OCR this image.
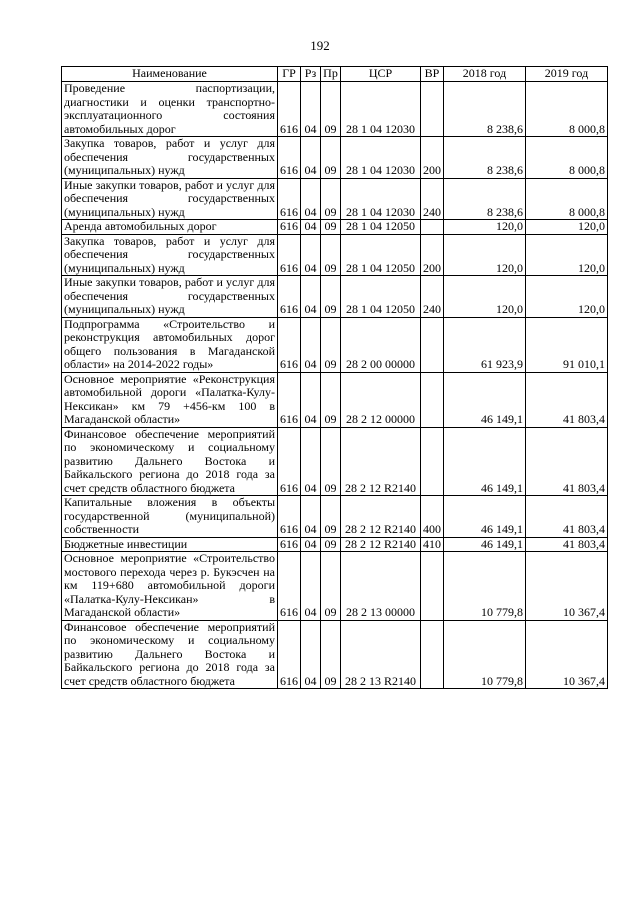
192
Наименование	ГР	Рз	Пр	ЦСР	ВР	2018 год	2019 год
Проведение паспортизации, диагностики и оценки транспортно-эксплуатационного состояния автомобильных дорог	616	04	09	28 1 04 12030		8 238,6	8 000,8
Закупка товаров, работ и услуг для обеспечения государственных (муниципальных) нужд	616	04	09	28 1 04 12030	200	8 238,6	8 000,8
Иные закупки товаров, работ и услуг для обеспечения государственных (муниципальных) нужд	616	04	09	28 1 04 12030	240	8 238,6	8 000,8
Аренда автомобильных дорог	616	04	09	28 1 04 12050		120,0	120,0
Закупка товаров, работ и услуг для обеспечения государственных (муниципальных) нужд	616	04	09	28 1 04 12050	200	120,0	120,0
Иные закупки товаров, работ и услуг для обеспечения государственных (муниципальных) нужд	616	04	09	28 1 04 12050	240	120,0	120,0
Подпрограмма «Строительство и реконструкция автомобильных дорог общего пользования в Магаданской области» на 2014-2022 годы»	616	04	09	28 2 00 00000		61 923,9	91 010,1
Основное мероприятие «Реконструкция автомобильной дороги «Палатка-Кулу-Нексикан» км 79 +456-км 100 в Магаданской области»	616	04	09	28 2 12 00000		46 149,1	41 803,4
Финансовое обеспечение мероприятий по экономическому и социальному развитию Дальнего Востока и Байкальского региона до 2018 года за счет средств областного бюджета	616	04	09	28 2 12 R2140		46 149,1	41 803,4
Капитальные вложения в объекты государственной (муниципальной) собственности	616	04	09	28 2 12 R2140	400	46 149,1	41 803,4
Бюджетные инвестиции	616	04	09	28 2 12 R2140	410	46 149,1	41 803,4
Основное мероприятие «Строительство мостового перехода через р. Букэсчен на км 119+680 автомобильной дороги «Палатка-Кулу-Нексикан» в Магаданской области»	616	04	09	28 2 13 00000		10 779,8	10 367,4
Финансовое обеспечение мероприятий по экономическому и социальному развитию Дальнего Востока и Байкальского региона до 2018 года за счет средств областного бюджета	616	04	09	28 2 13 R2140		10 779,8	10 367,4
